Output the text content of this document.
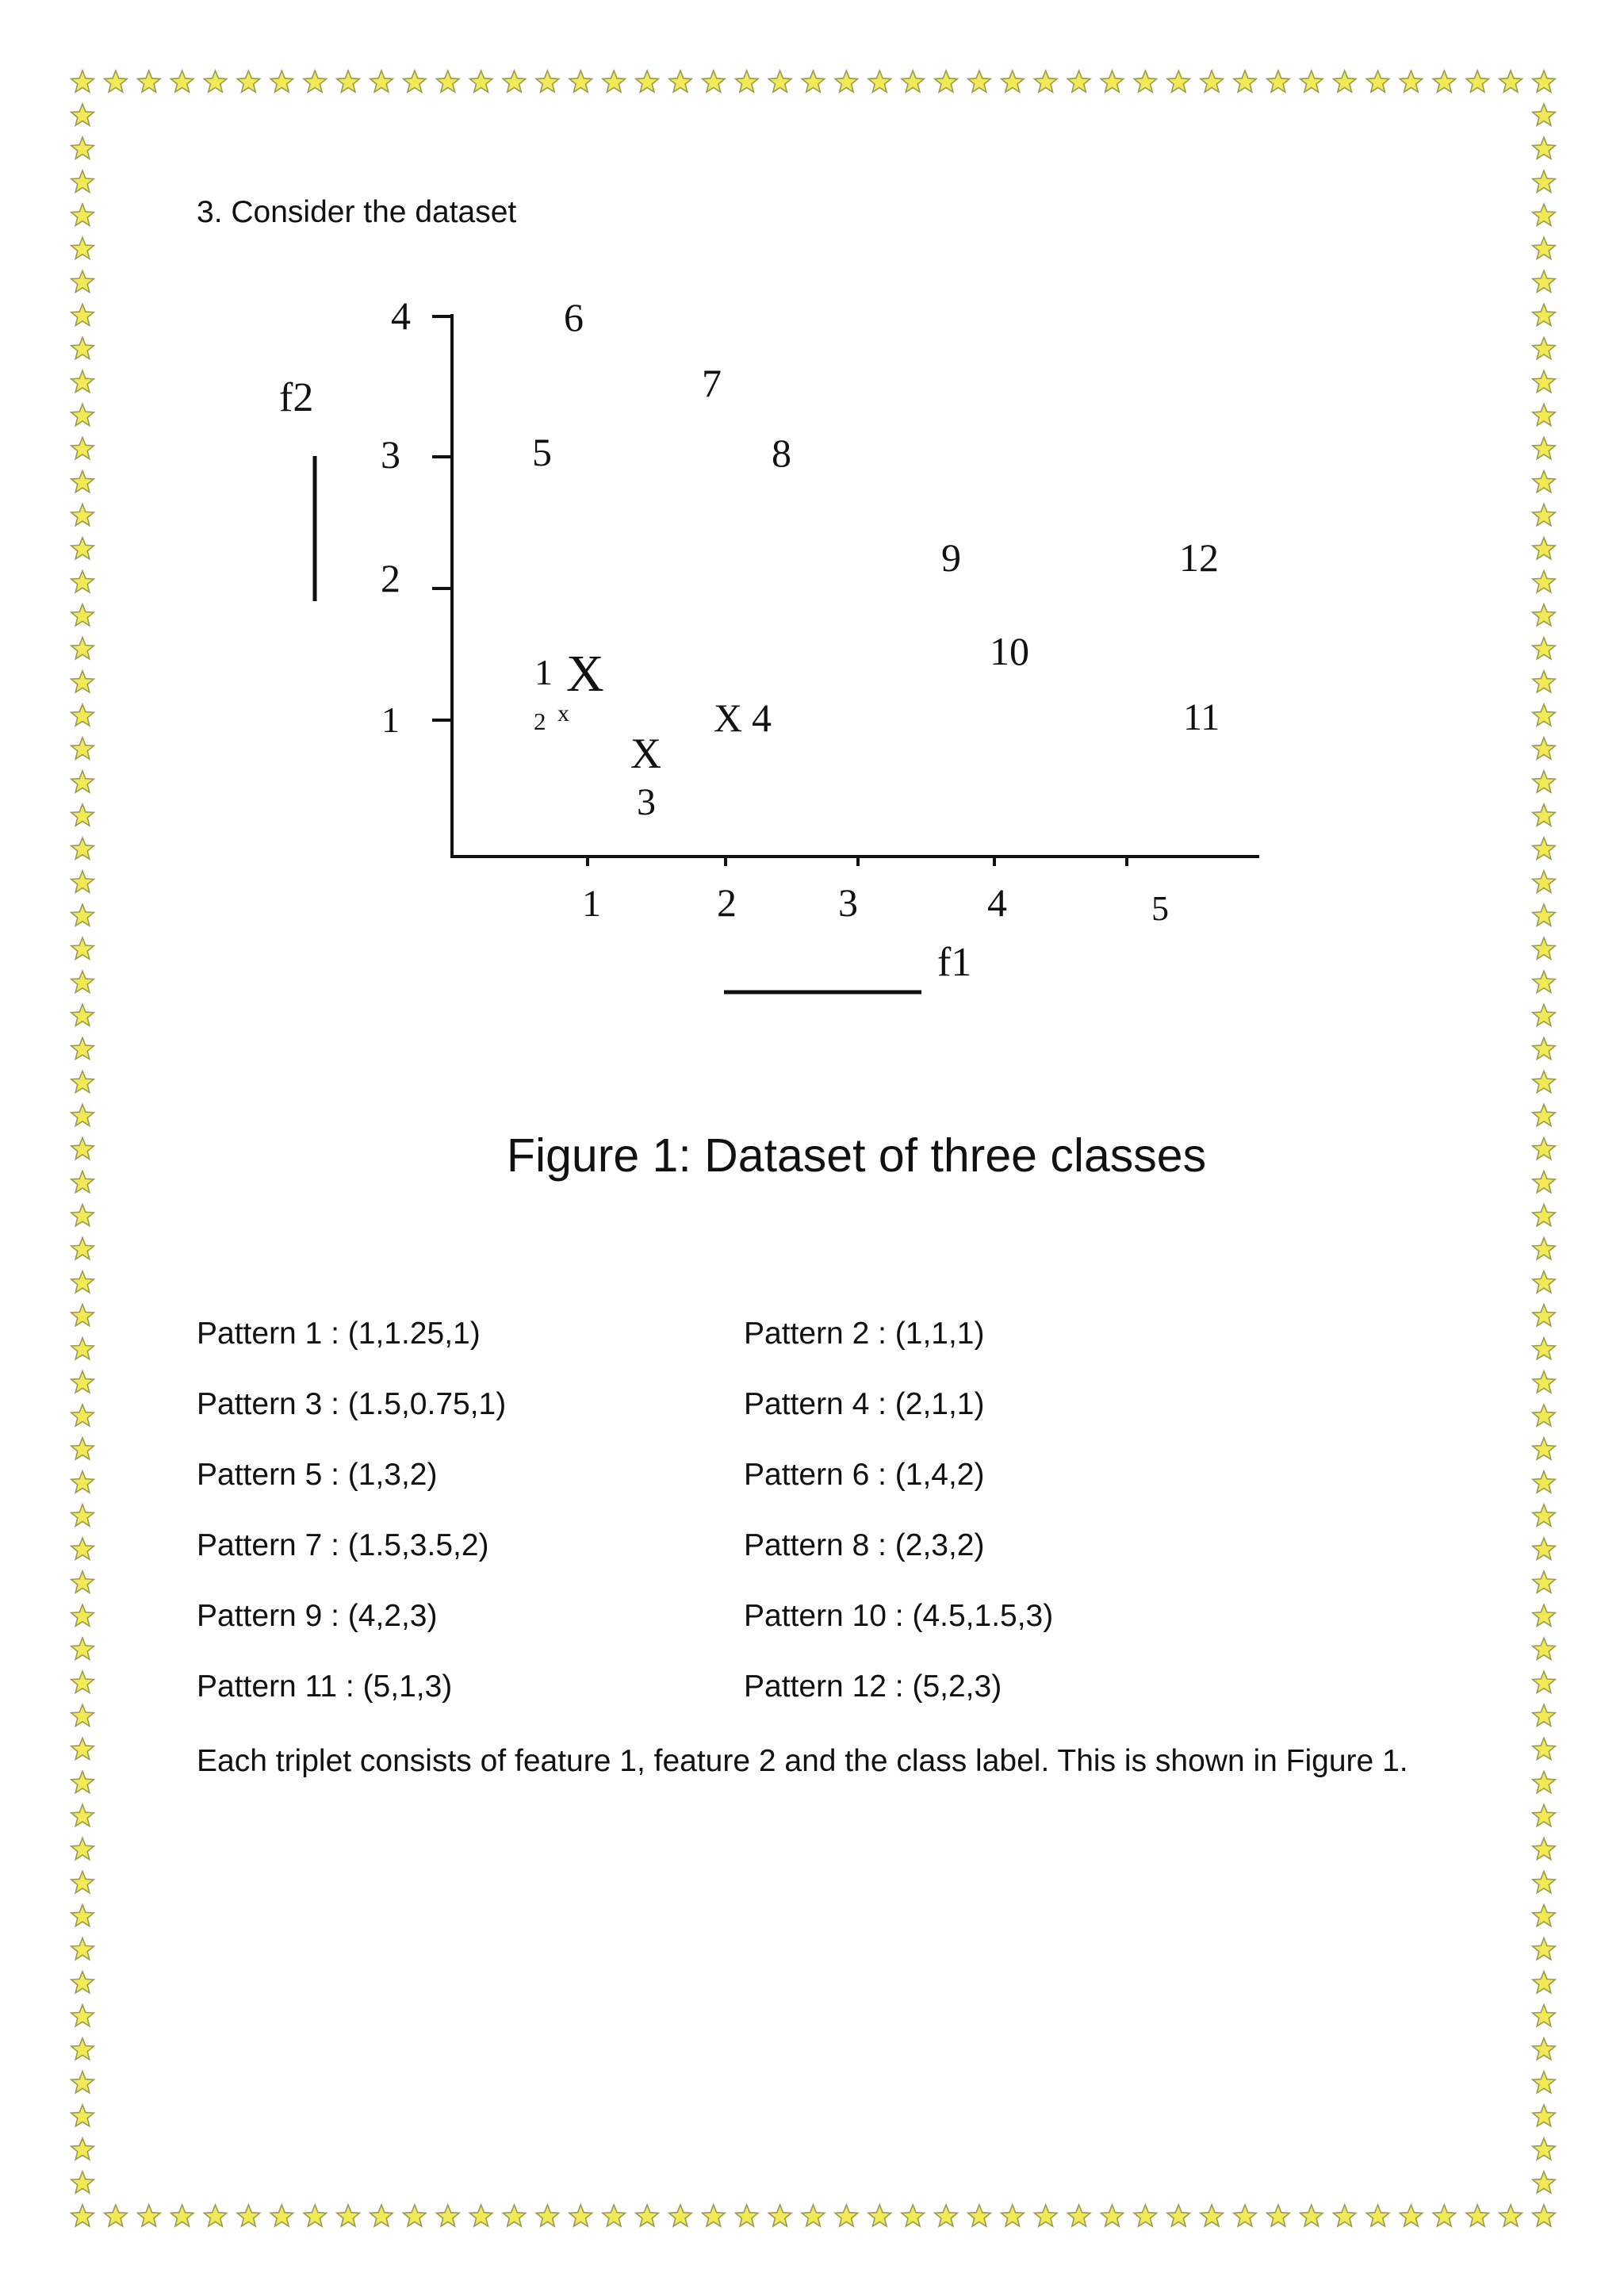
3. Consider the dataset
4
3
2
1
1	2	3	4	5
f2
f1
1 X
2 x
X
3
X 4
5
6
7
8
9
10
11
12
Figure 1: Dataset of three classes
Pattern 1 : (1,1.25,1)	Pattern 2 : (1,1,1)
Pattern 3 : (1.5,0.75,1)	Pattern 4 : (2,1,1)
Pattern 5 : (1,3,2)	Pattern 6 : (1,4,2)
Pattern 7 : (1.5,3.5,2)	Pattern 8 : (2,3,2)
Pattern 9 : (4,2,3)	Pattern 10 : (4.5,1.5,3)
Pattern 11 : (5,1,3)	Pattern 12 : (5,2,3)
Each triplet consists of feature 1, feature 2 and the class label. This is shown in Figure 1.
